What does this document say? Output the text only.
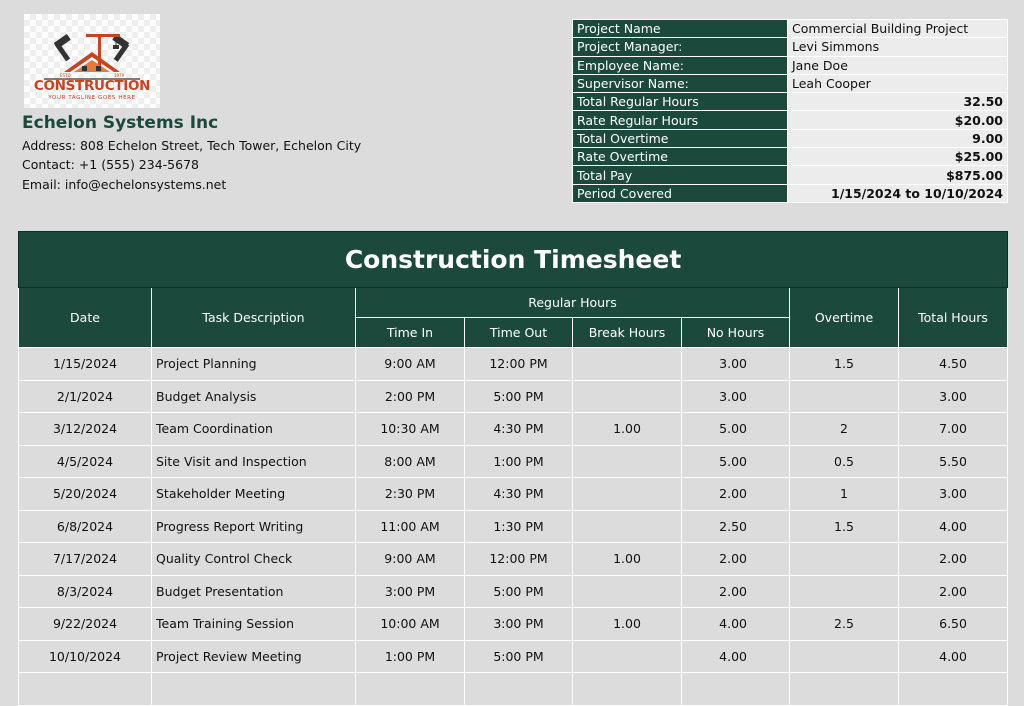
ESTD	1979
CONSTRUCTION
YOUR TAGLINE GOES HERE
Echelon Systems Inc
Address: 808 Echelon Street, Tech Tower, Echelon City
Contact: +1 (555) 234-5678
Email: info@echelonsystems.net
Project Name	Commercial Building Project
Project Manager:	Levi Simmons
Employee Name:	Jane Doe
Supervisor Name:	Leah Cooper
Total Regular Hours	32.50
Rate Regular Hours	$20.00
Total Overtime	9.00
Rate Overtime	$25.00
Total Pay	$875.00
Period Covered	1/15/2024 to 10/10/2024
Construction Timesheet							
Date	Task Description	Regular Hours				Overtime	Total Hours
		Time In	Time Out	Break Hours	No Hours		
1/15/2024	Project Planning	9:00 AM	12:00 PM		3.00	1.5	4.50
2/1/2024	Budget Analysis	2:00 PM	5:00 PM		3.00		3.00
3/12/2024	Team Coordination	10:30 AM	4:30 PM	1.00	5.00	2	7.00
4/5/2024	Site Visit and Inspection	8:00 AM	1:00 PM		5.00	0.5	5.50
5/20/2024	Stakeholder Meeting	2:30 PM	4:30 PM		2.00	1	3.00
6/8/2024	Progress Report Writing	11:00 AM	1:30 PM		2.50	1.5	4.00
7/17/2024	Quality Control Check	9:00 AM	12:00 PM	1.00	2.00		2.00
8/3/2024	Budget Presentation	3:00 PM	5:00 PM		2.00		2.00
9/22/2024	Team Training Session	10:00 AM	3:00 PM	1.00	4.00	2.5	6.50
10/10/2024	Project Review Meeting	1:00 PM	5:00 PM		4.00		4.00
